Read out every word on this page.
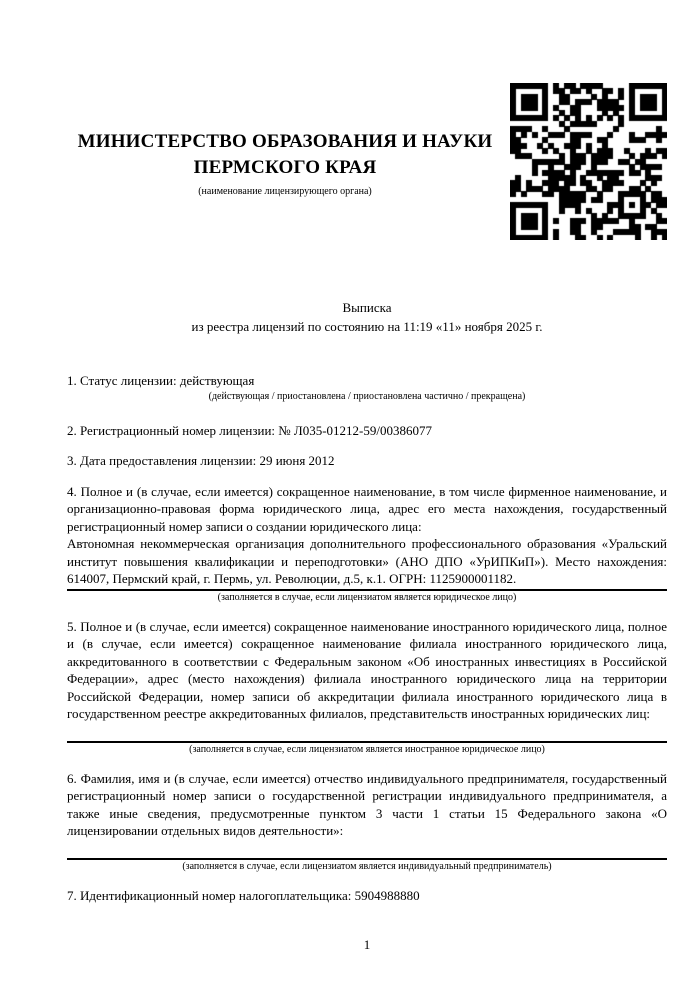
МИНИСТЕРСТВО ОБРАЗОВАНИЯ И НАУКИ
ПЕРМСКОГО КРАЯ
(наименование лицензирующего органа)
Выписка
из реестра лицензий по состоянию на 11:19 «11» ноября 2025 г.

1. Статус лицензии: действующая

(действующая / приостановлена / приостановлена частично / прекращена)

2. Регистрационный номер лицензии: № Л035-01212-59/00386077

3. Дата предоставления лицензии: 29 июня 2012

4. Полное и (в случае, если имеется) сокращенное наименование, в том числе фирменное наименование, и организационно-правовая форма юридического лица, адрес его места нахождения, государственный регистрационный номер записи о создании юридического лица:

Автономная некоммерческая организация дополнительного профессионального образования «Уральский институт повышения квалификации и переподготовки» (АНО ДПО «УрИПКиП»). Место нахождения: 614007, Пермский край, г. Пермь, ул. Революции, д.5, к.1. ОГРН: 1125900001182.
(заполняется в случае, если лицензиатом является юридическое лицо)

5. Полное и (в случае, если имеется) сокращенное наименование иностранного юридического лица, полное и (в случае, если имеется) сокращенное наименование филиала иностранного юридического лица, аккредитованного в соответствии с Федеральным законом «Об иностранных инвестициях в Российской Федерации», адрес (место нахождения) филиала иностранного юридического лица на территории Российской Федерации, номер записи об аккредитации филиала иностранного юридического лица в государственном реестре аккредитованных филиалов, представительств иностранных юридических лиц:

(заполняется в случае, если лицензиатом является иностранное юридическое лицо)

6. Фамилия, имя и (в случае, если имеется) отчество индивидуального предпринимателя, государственный регистрационный номер записи о государственной регистрации индивидуального предпринимателя, а также иные сведения, предусмотренные пунктом 3 части 1 статьи 15 Федерального закона «О лицензировании отдельных видов деятельности»:

(заполняется в случае, если лицензиатом является индивидуальный предприниматель)

7. Идентификационный номер налогоплательщика: 5904988880

1
